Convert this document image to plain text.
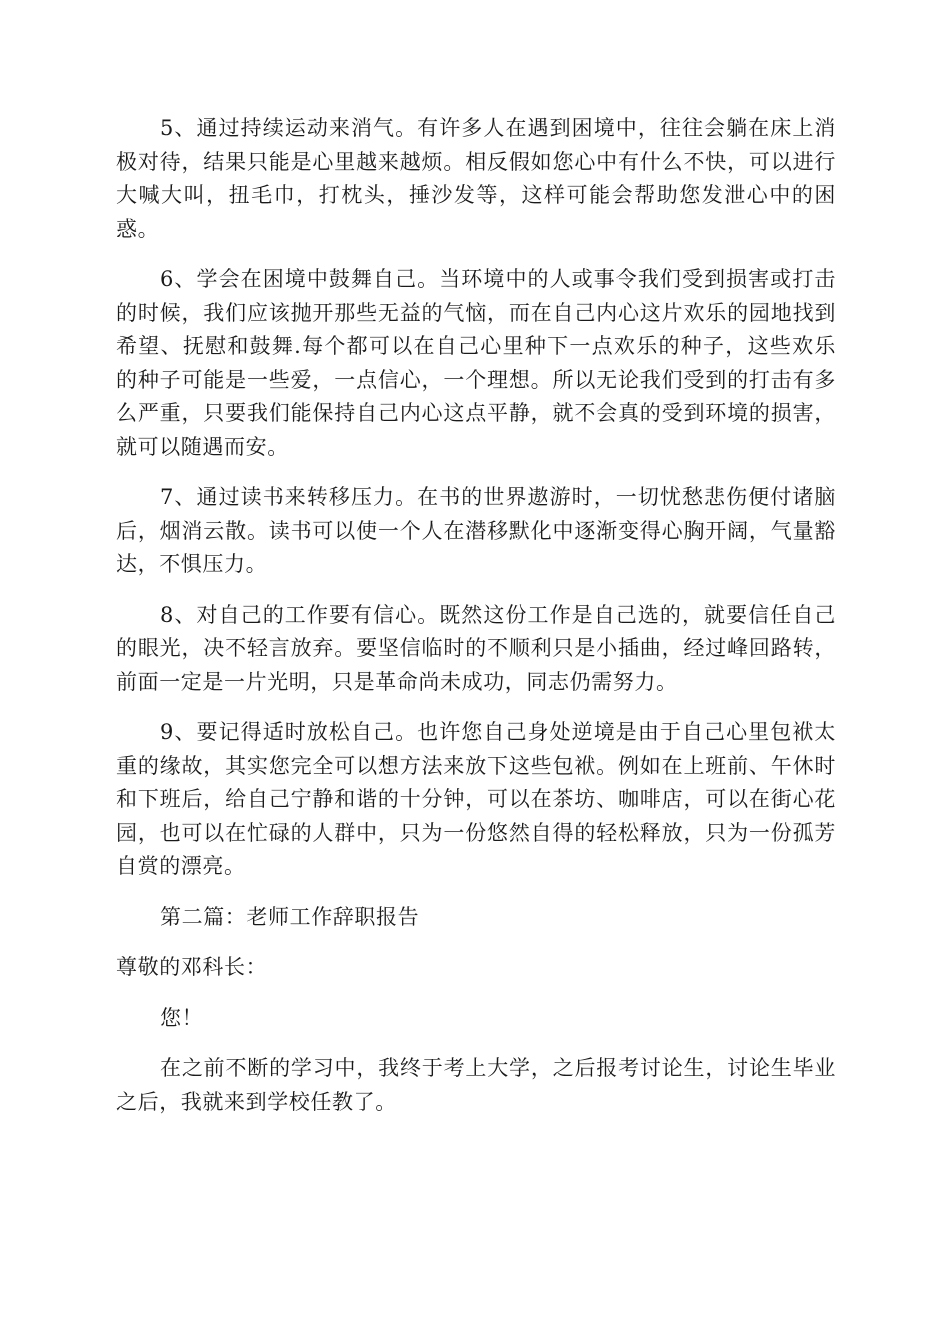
5、通过持续运动来消气。有许多人在遇到困境中，往往会躺在床上消极对待，结果只能是心里越来越烦。相反假如您心中有什么不快，可以进行大喊大叫，扭毛巾，打枕头，捶沙发等，这样可能会帮助您发泄心中的困惑。

6、学会在困境中鼓舞自己。当环境中的人或事令我们受到损害或打击的时候，我们应该抛开那些无益的气恼，而在自己内心这片欢乐的园地找到希望、抚慰和鼓舞.每个都可以在自己心里种下一点欢乐的种子，这些欢乐的种子可能是一些爱，一点信心，一个理想。所以无论我们受到的打击有多么严重，只要我们能保持自己内心这点平静，就不会真的受到环境的损害，就可以随遇而安。

7、通过读书来转移压力。在书的世界遨游时，一切忧愁悲伤便付诸脑后，烟消云散。读书可以使一个人在潜移默化中逐渐变得心胸开阔，气量豁达，不惧压力。

8、对自己的工作要有信心。既然这份工作是自己选的，就要信任自己的眼光，决不轻言放弃。要坚信临时的不顺利只是小插曲，经过峰回路转，前面一定是一片光明，只是革命尚未成功，同志仍需努力。

9、要记得适时放松自己。也许您自己身处逆境是由于自己心里包袱太重的缘故，其实您完全可以想方法来放下这些包袱。例如在上班前、午休时和下班后，给自己宁静和谐的十分钟，可以在茶坊、咖啡店，可以在街心花园，也可以在忙碌的人群中，只为一份悠然自得的轻松释放，只为一份孤芳自赏的漂亮。

第二篇：老师工作辞职报告

尊敬的邓科长：

您！

在之前不断的学习中，我终于考上大学，之后报考讨论生，讨论生毕业之后，我就来到学校任教了。
